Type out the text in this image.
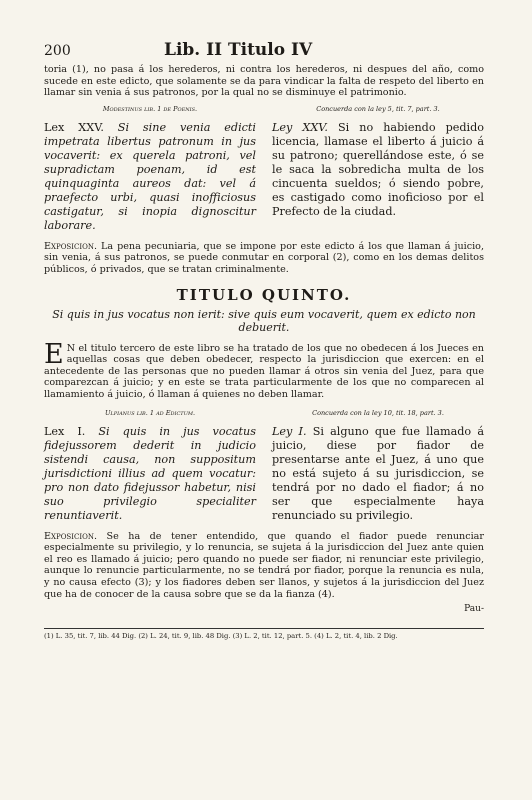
200	Lib. II Titulo IV

toria (1), no pasa á los herederos, ni contra los herederos, ni despues del año, como sucede en este edicto, que solamente se da para vindicar la falta de respeto del liberto en llamar sin venia á sus patronos, por la qual no se disminuye el patrimonio.

Modestinus lib. 1 de Poenis.

Lex XXV. Si sine venia edicti impetrata libertus patronum in jus vocaverit: ex querela patroni, vel supradictam poenam, id est quinquaginta aureos dat: vel á praefecto urbi, quasi inofficiosus castigatur, si inopia dignoscitur laborare.

Concuerda con la ley 5, tit. 7, part. 3.

Ley XXV. Si no habiendo pedido licencia, llamase el liberto á juicio á su patrono; querellándose este, ó se le saca la sobredicha multa de los cincuenta sueldos; ó siendo pobre, es castigado como inoficioso por el Prefecto de la ciudad.

Exposicion. La pena pecuniaria, que se impone por este edicto á los que llaman á juicio, sin venia, á sus patronos, se puede conmutar en corporal (2), como en los demas delitos públicos, ó privados, que se tratan criminalmente.

TITULO QUINTO.
Si quis in jus vocatus non ierit: sive quis eum vocaverit, quem ex edicto non debuerit.

E N el titulo tercero de este libro se ha tratado de los que no obedecen á los Jueces en aquellas cosas que deben obedecer, respecto la jurisdiccion que exercen: en el antecedente de las personas que no pueden llamar á otros sin venia del Juez, para que comparezcan á juicio; y en este se trata particularmente de los que no comparecen al llamamiento á juicio, ó llaman á quienes no deben llamar.

Ulpianus lib. 1 ad Edictum.

Lex I. Si quis in jus vocatus fidejussorem dederit in judicio sistendi causa, non suppositum jurisdictioni illius ad quem vocatur: pro non dato fidejussor habetur, nisi suo privilegio specialiter renuntiaverit.

Concuerda con la ley 10, tit. 18, part. 3.

Ley I. Si alguno que fue llamado á juicio, diese por fiador de presentarse ante el Juez, á uno que no está sujeto á su jurisdiccion, se tendrá por no dado el fiador; á no ser que especialmente haya renunciado su privilegio.

Exposicion. Se ha de tener entendido, que quando el fiador puede renunciar especialmente su privilegio, y lo renuncia, se sujeta á la jurisdiccion del Juez ante quien el reo es llamado á juicio; pero quando no puede ser fiador, ni renunciar este privilegio, aunque lo renuncie particularmente, no se tendrá por fiador, porque la renuncia es nula, y no causa efecto (3); y los fiadores deben ser llanos, y sujetos á la jurisdiccion del Juez que ha de conocer de la causa sobre que se da la fianza (4).

Pau-
(1) L. 35, tit. 7, lib. 44 Dig. (2) L. 24, tit. 9, lib. 48 Dig. (3) L. 2, tit. 12, part. 5. (4) L. 2, tit. 4, lib. 2 Dig.
